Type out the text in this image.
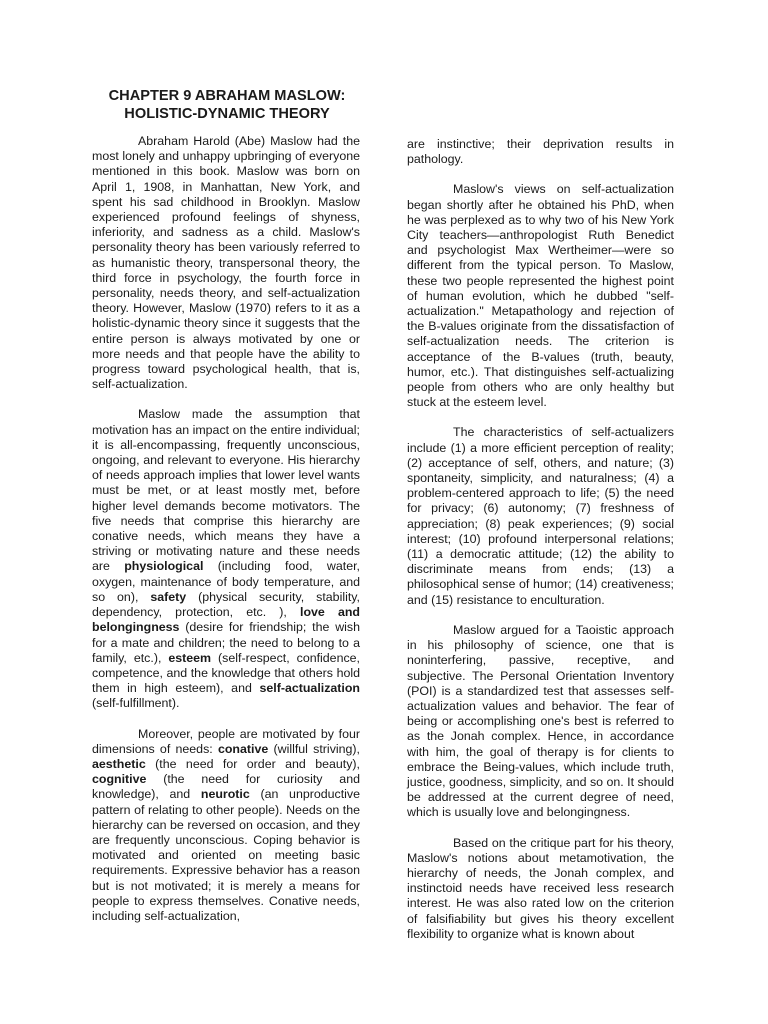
CHAPTER 9 ABRAHAM MASLOW: HOLISTIC-DYNAMIC THEORY

Abraham Harold (Abe) Maslow had the most lonely and unhappy upbringing of everyone mentioned in this book. Maslow was born on April 1, 1908, in Manhattan, New York, and spent his sad childhood in Brooklyn. Maslow experienced profound feelings of shyness, inferiority, and sadness as a child. Maslow's personality theory has been variously referred to as humanistic theory, transpersonal theory, the third force in psychology, the fourth force in personality, needs theory, and self-actualization theory. However, Maslow (1970) refers to it as a holistic-dynamic theory since it suggests that the entire person is always motivated by one or more needs and that people have the ability to progress toward psychological health, that is, self-actualization.

Maslow made the assumption that motivation has an impact on the entire individual; it is all-encompassing, frequently unconscious, ongoing, and relevant to everyone. His hierarchy of needs approach implies that lower level wants must be met, or at least mostly met, before higher level demands become motivators. The five needs that comprise this hierarchy are conative needs, which means they have a striving or motivating nature and these needs are physiological (including food, water, oxygen, maintenance of body temperature, and so on), safety (physical security, stability, dependency, protection, etc. ), love and belongingness (desire for friendship; the wish for a mate and children; the need to belong to a family, etc.), esteem (self-respect, confidence, competence, and the knowledge that others hold them in high esteem), and self-actualization (self-fulfillment).

Moreover, people are motivated by four dimensions of needs: conative (willful striving), aesthetic (the need for order and beauty), cognitive (the need for curiosity and knowledge), and neurotic (an unproductive pattern of relating to other people). Needs on the hierarchy can be reversed on occasion, and they are frequently unconscious. Coping behavior is motivated and oriented on meeting basic requirements. Expressive behavior has a reason but is not motivated; it is merely a means for people to express themselves. Conative needs, including self-actualization,

are instinctive; their deprivation results in pathology.

Maslow's views on self-actualization began shortly after he obtained his PhD, when he was perplexed as to why two of his New York City teachers—anthropologist Ruth Benedict and psychologist Max Wertheimer—were so different from the typical person. To Maslow, these two people represented the highest point of human evolution, which he dubbed "self-actualization." Metapathology and rejection of the B-values originate from the dissatisfaction of self-actualization needs. The criterion is acceptance of the B-values (truth, beauty, humor, etc.). That distinguishes self-actualizing people from others who are only healthy but stuck at the esteem level.

The characteristics of self-actualizers include (1) a more efficient perception of reality; (2) acceptance of self, others, and nature; (3) spontaneity, simplicity, and naturalness; (4) a problem-centered approach to life; (5) the need for privacy; (6) autonomy; (7) freshness of appreciation; (8) peak experiences; (9) social interest; (10) profound interpersonal relations; (11) a democratic attitude; (12) the ability to discriminate means from ends; (13) a philosophical sense of humor; (14) creativeness; and (15) resistance to enculturation.

Maslow argued for a Taoistic approach in his philosophy of science, one that is noninterfering, passive, receptive, and subjective. The Personal Orientation Inventory (POI) is a standardized test that assesses self-actualization values and behavior. The fear of being or accomplishing one's best is referred to as the Jonah complex. Hence, in accordance with him, the goal of therapy is for clients to embrace the Being-values, which include truth, justice, goodness, simplicity, and so on. It should be addressed at the current degree of need, which is usually love and belongingness.

Based on the critique part for his theory, Maslow's notions about metamotivation, the hierarchy of needs, the Jonah complex, and instinctoid needs have received less research interest. He was also rated low on the criterion of falsifiability but gives his theory excellent flexibility to organize what is known about
